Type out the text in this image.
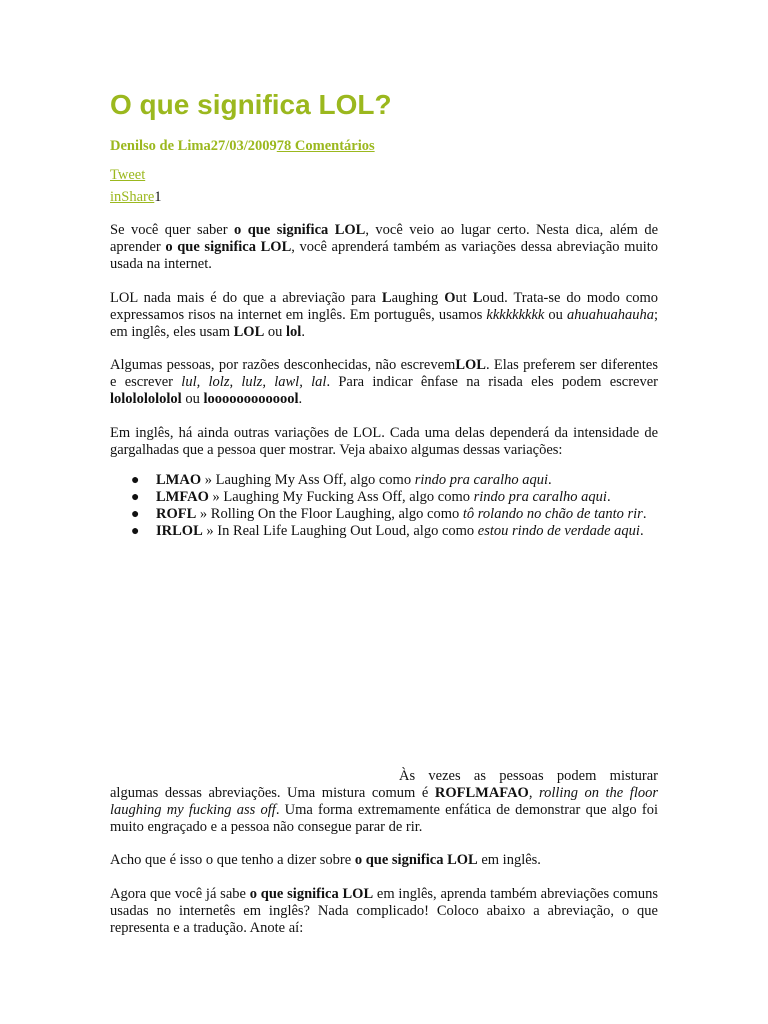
O que significa LOL?
Denilso de Lima27/03/200978 Comentários
Tweet
inShare1

Se você quer saber o que significa LOL, você veio ao lugar certo. Nesta dica, além de aprender o que significa LOL, você aprenderá também as variações dessa abreviação muito usada na internet.

LOL nada mais é do que a abreviação para Laughing Out Loud. Trata-se do modo como expressamos risos na internet em inglês. Em português, usamos kkkkkkkkk ou ahuahuahauha; em inglês, eles usam LOL ou lol.

Algumas pessoas, por razões desconhecidas, não escrevemLOL. Elas preferem ser diferentes e escrever lul, lolz, lulz, lawl, lal. Para indicar ênfase na risada eles podem escrever lolololololol ou looooooooooool.

Em inglês, há ainda outras variações de LOL. Cada uma delas dependerá da intensidade de gargalhadas que a pessoa quer mostrar. Veja abaixo algumas dessas variações:

● LMAO » Laughing My Ass Off, algo como rindo pra caralho aqui.
● LMFAO » Laughing My Fucking Ass Off, algo como rindo pra caralho aqui.
● ROFL » Rolling On the Floor Laughing, algo como tô rolando no chão de tanto rir.
● IRLOL » In Real Life Laughing Out Loud, algo como estou rindo de verdade aqui.

Às vezes as pessoas podem misturar algumas dessas abreviações. Uma mistura comum é ROFLMAFAO, rolling on the floor laughing my fucking ass off. Uma forma extremamente enfática de demonstrar que algo foi muito engraçado e a pessoa não consegue parar de rir.

Acho que é isso o que tenho a dizer sobre o que significa LOL em inglês.

Agora que você já sabe o que significa LOL em inglês, aprenda também abreviações comuns usadas no internetês em inglês? Nada complicado! Coloco abaixo a abreviação, o que representa e a tradução. Anote aí:
